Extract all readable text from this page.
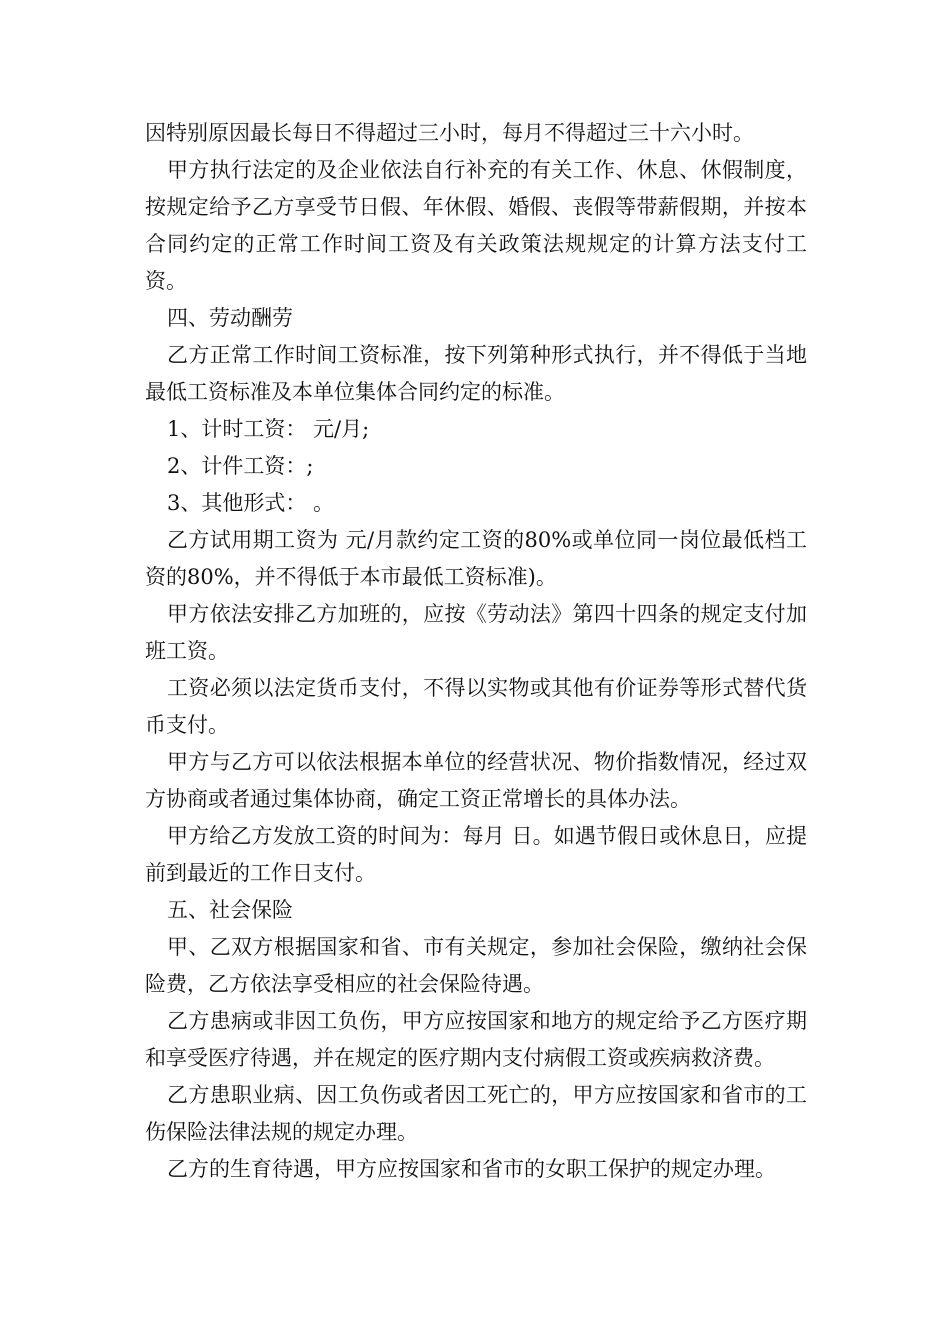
因特别原因最长每日不得超过三小时，每月不得超过三十六小时。

甲方执行法定的及企业依法自行补充的有关工作、休息、休假制度，按规定给予乙方享受节日假、年休假、婚假、丧假等带薪假期，并按本合同约定的正常工作时间工资及有关政策法规规定的计算方法支付工资。

四、劳动酬劳

乙方正常工作时间工资标准，按下列第种形式执行，并不得低于当地最低工资标准及本单位集体合同约定的标准。

1、计时工资： 元/月;

2、计件工资：;

3、其他形式： 。

乙方试用期工资为 元/月款约定工资的80%或单位同一岗位最低档工资的80%，并不得低于本市最低工资标准)。

甲方依法安排乙方加班的，应按《劳动法》第四十四条的规定支付加班工资。

工资必须以法定货币支付，不得以实物或其他有价证券等形式替代货币支付。

甲方与乙方可以依法根据本单位的经营状况、物价指数情况，经过双方协商或者通过集体协商，确定工资正常增长的具体办法。

甲方给乙方发放工资的时间为：每月 日。如遇节假日或休息日，应提前到最近的工作日支付。

五、社会保险

甲、乙双方根据国家和省、市有关规定，参加社会保险，缴纳社会保险费，乙方依法享受相应的社会保险待遇。

乙方患病或非因工负伤，甲方应按国家和地方的规定给予乙方医疗期和享受医疗待遇，并在规定的医疗期内支付病假工资或疾病救济费。

乙方患职业病、因工负伤或者因工死亡的，甲方应按国家和省市的工伤保险法律法规的规定办理。

乙方的生育待遇，甲方应按国家和省市的女职工保护的规定办理。
